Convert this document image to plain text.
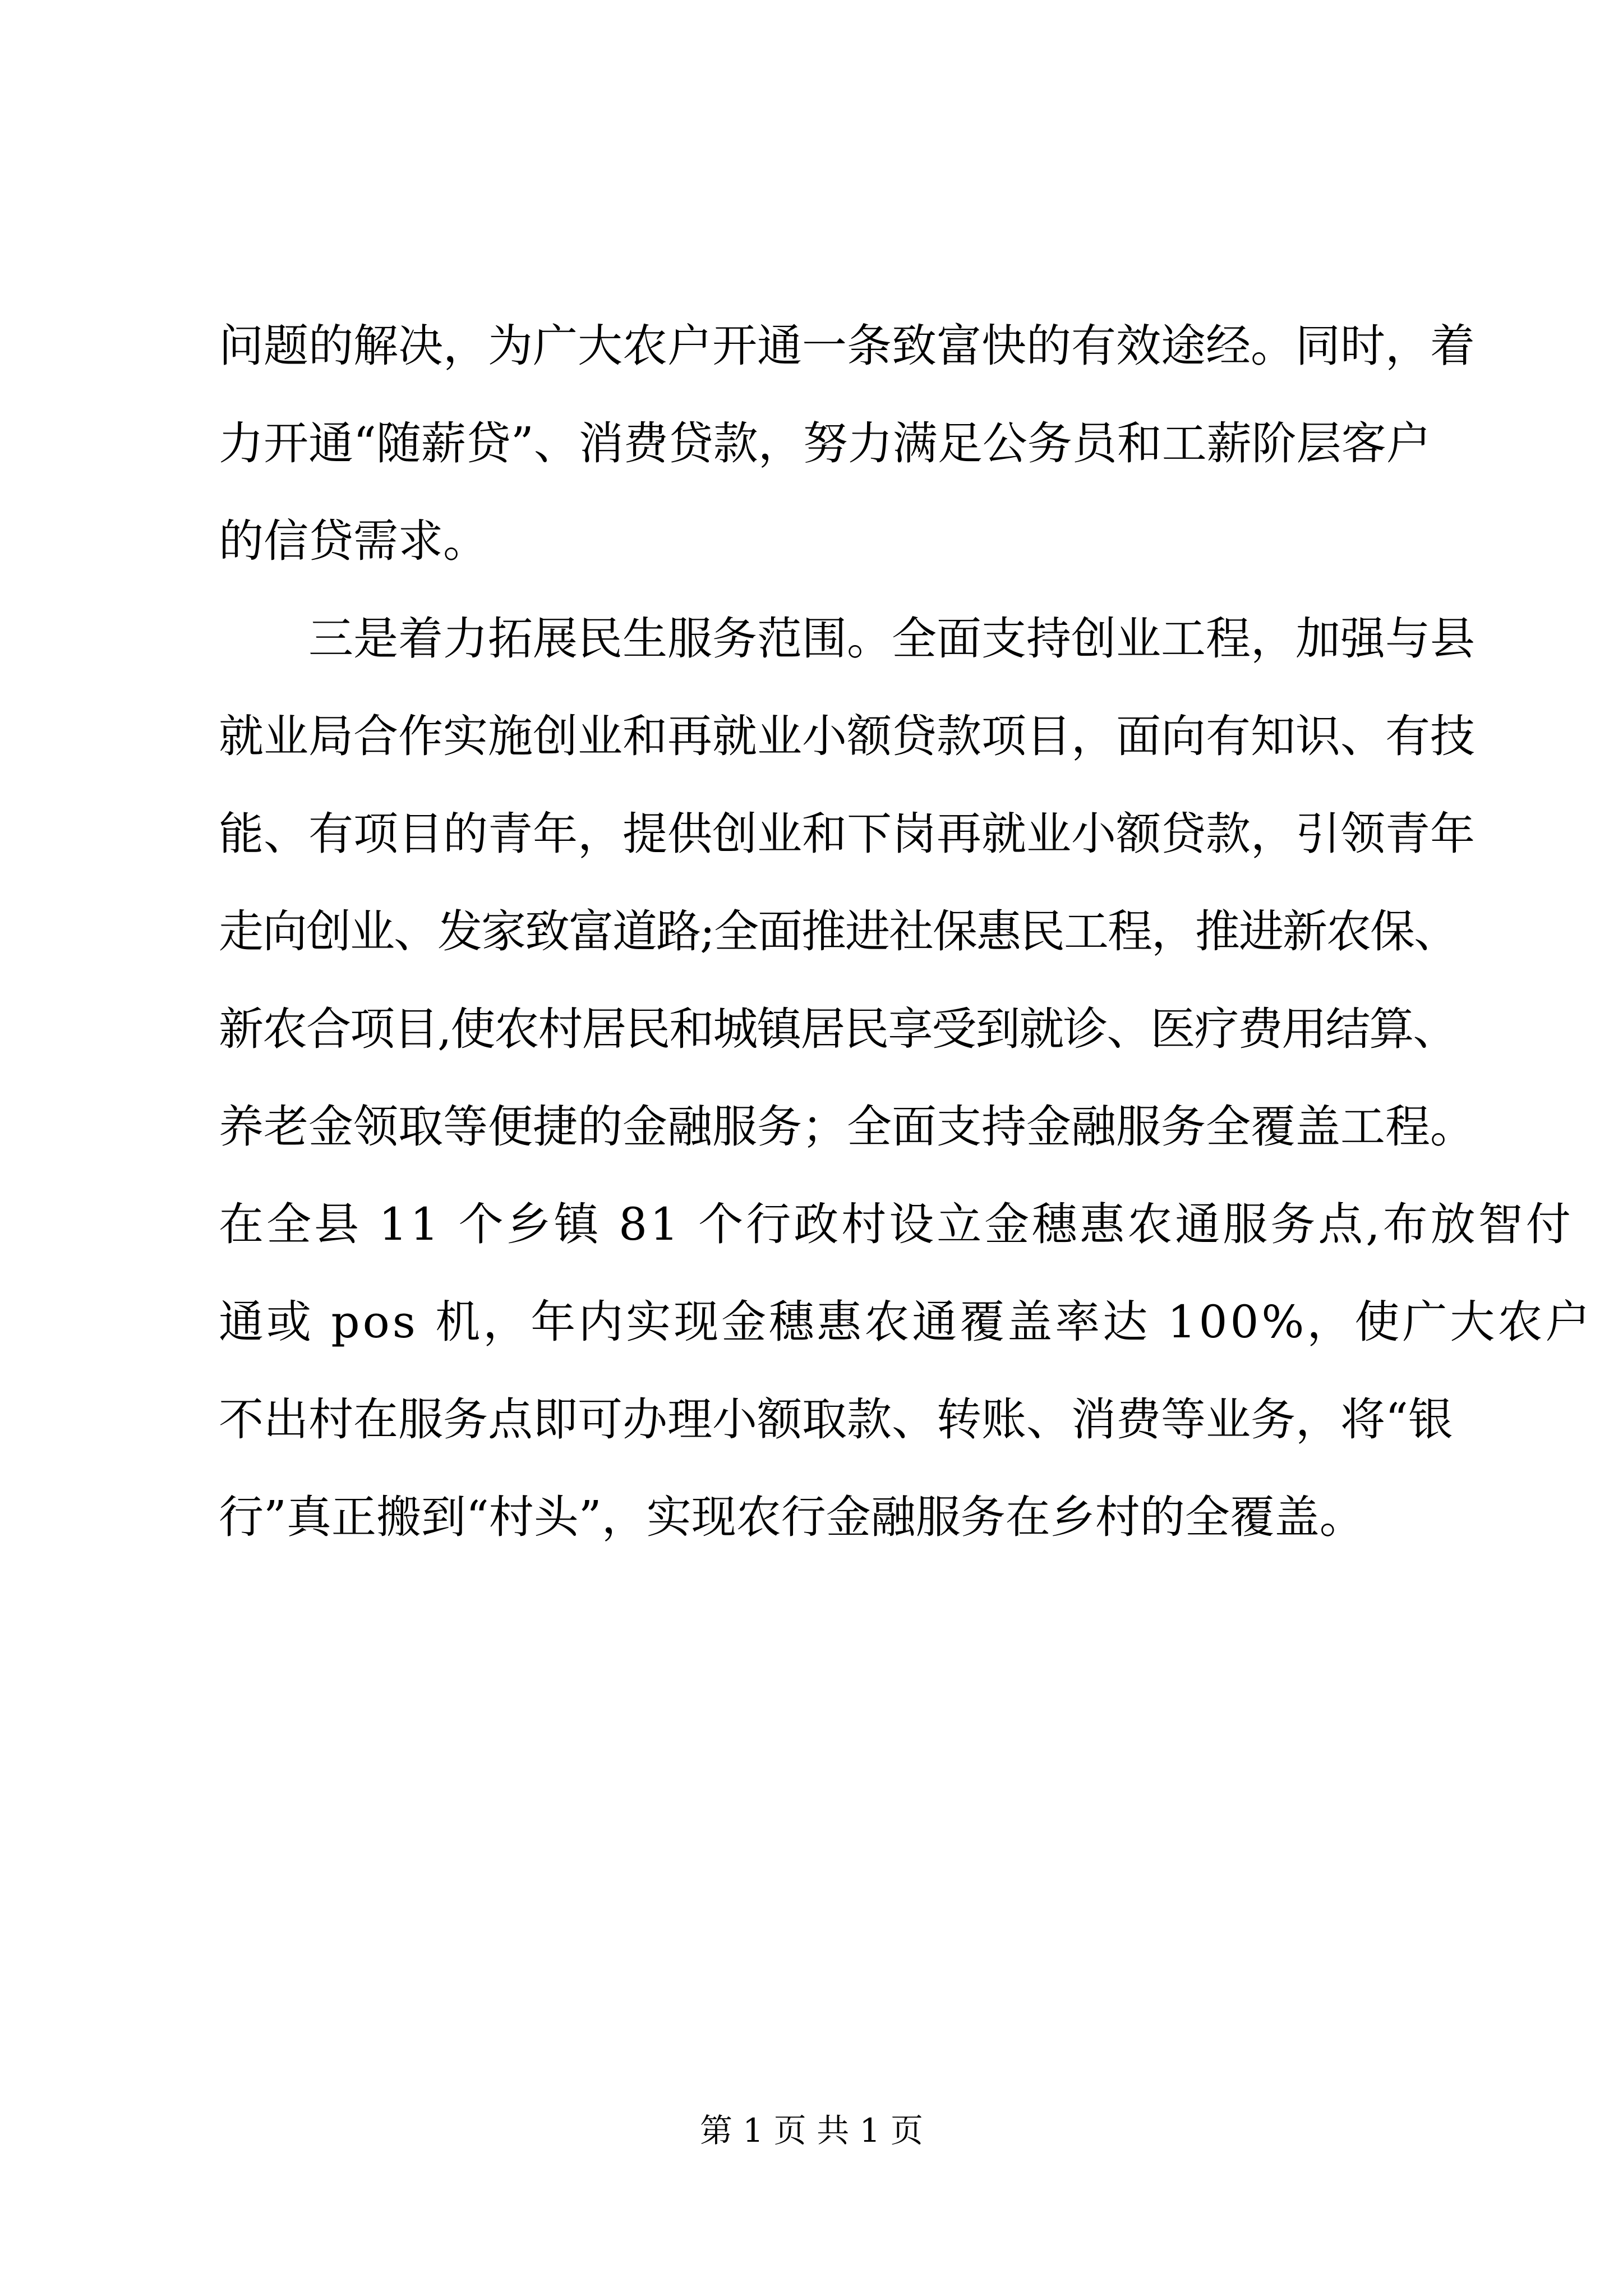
问题的解决，为广大农户开通一条致富快的有效途经。同时，着
力开通“随薪贷”、消费贷款，努力满足公务员和工薪阶层客户
的信贷需求。
　　三是着力拓展民生服务范围。全面支持创业工程，加强与县
就业局合作实施创业和再就业小额贷款项目，面向有知识、有技
能、有项目的青年，提供创业和下岗再就业小额贷款，引领青年
走向创业、发家致富道路;全面推进社保惠民工程，推进新农保、
新农合项目,使农村居民和城镇居民享受到就诊、医疗费用结算、
养老金领取等便捷的金融服务；全面支持金融服务全覆盖工程。
在全县 11 个乡镇 81 个行政村设立金穗惠农通服务点,布放智付
通或 pos 机，年内实现金穗惠农通覆盖率达 100%，使广大农户
不出村在服务点即可办理小额取款、转账、消费等业务，将“银
行”真正搬到“村头”，实现农行金融服务在乡村的全覆盖。
第 1 页 共 1 页
